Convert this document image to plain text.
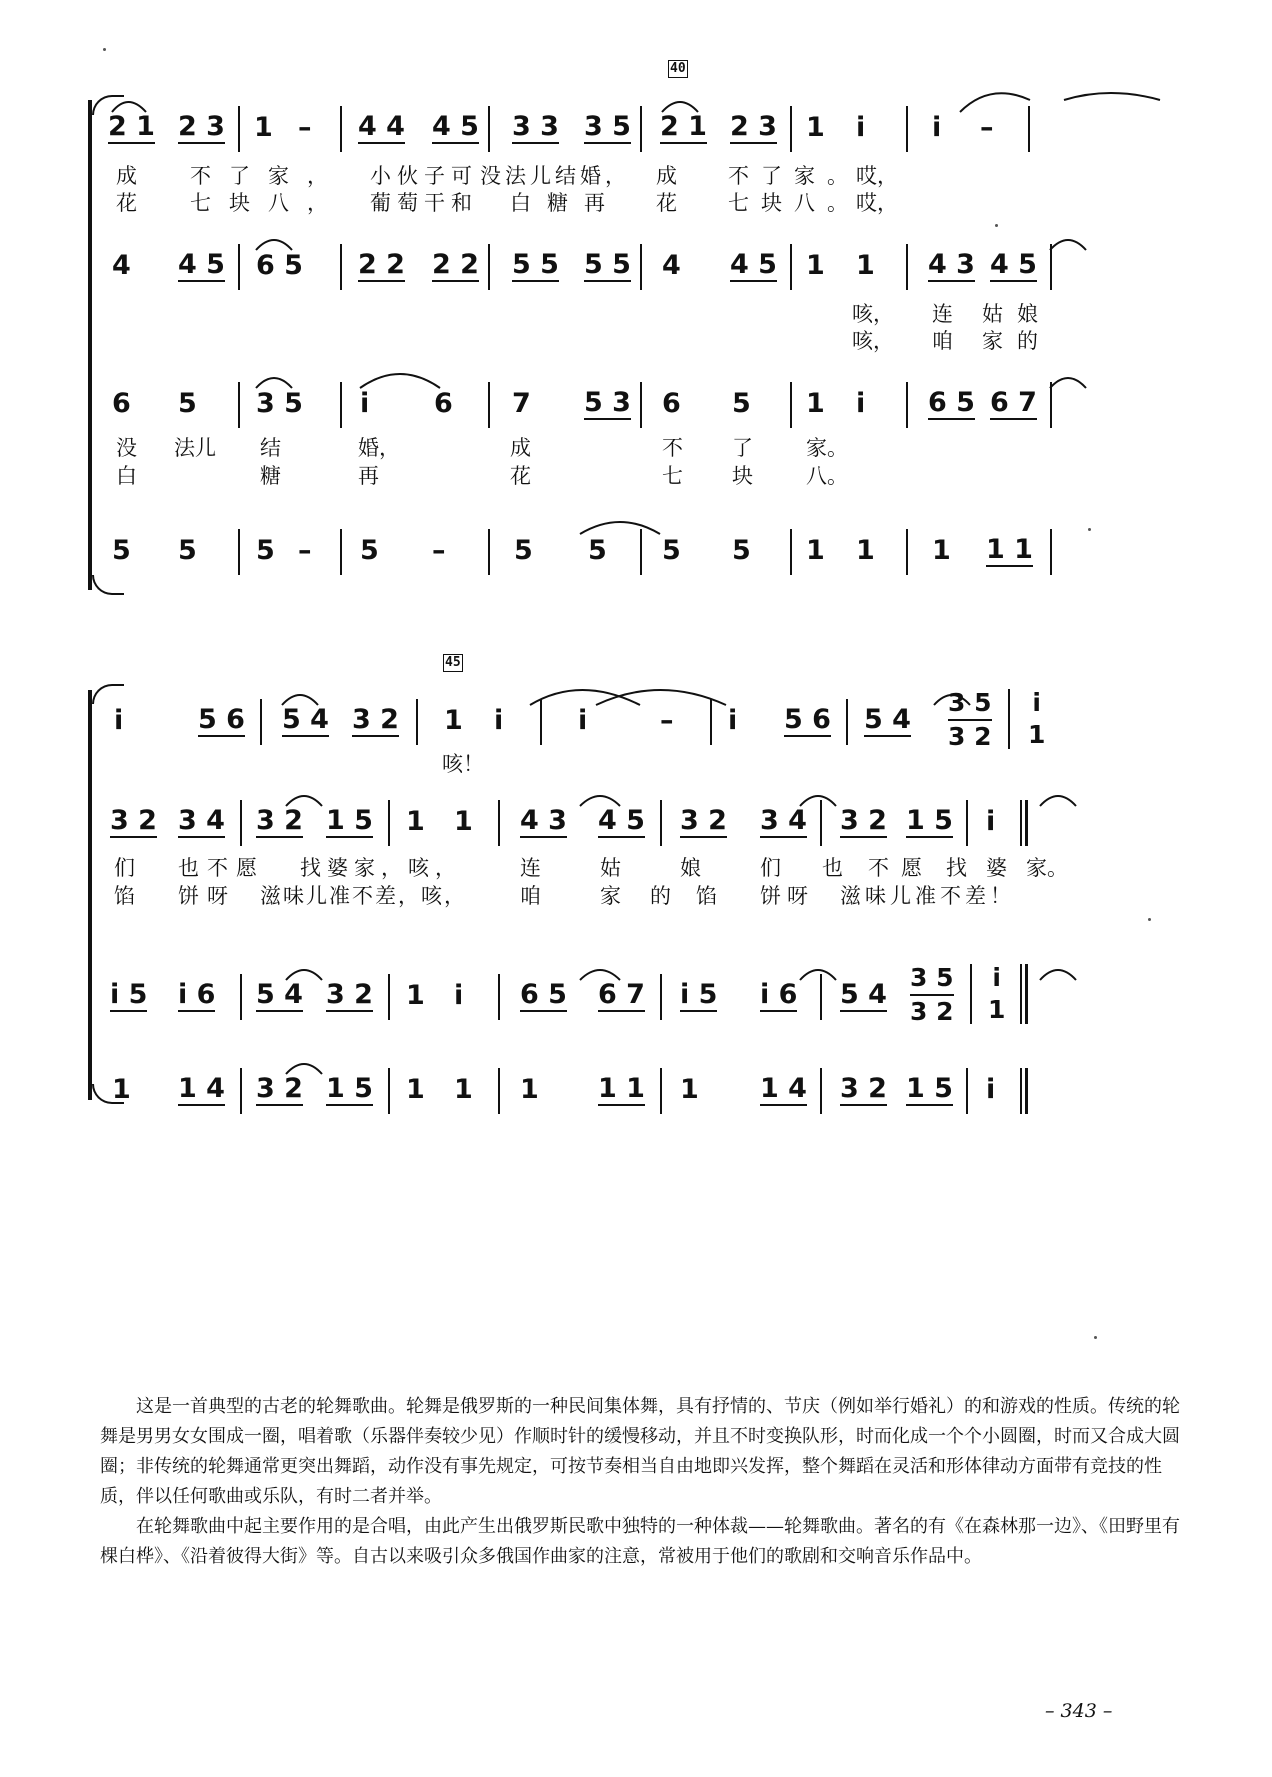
40
2 1 2 3 1 – 4 4 4 5 3 3 3 5 2 1 2 3 1 i i –
成	不了家， 小伙子可 没法儿结婚， 成 不了家。
哎，
花	七块八， 葡萄干和 白糖再 花 七块八。
哎，
4 4 5 6 5 2 2 2 2 5 5 5 5 4 4 5 1 1 4 3 4 5
咳， 连 姑娘
咳， 咱 家的
6 5 3 5 i 6 7 5 3 6 5 1 i 6 5 6 7
没 法儿 结	婚，	成	不 了	家。
白	糖	再	花	七 块	八。
5 5 5 – 5 –	5 5 5 5 1 1 1 1 1
45
i	5 6 5 4 3 2 1 i	i	– i 5 6 5 4
3 5
3 2
i
1
咳！
3 2 3 4 3 2 1 5 1 1 4 3 4 5 3 2 3 4 3 2 1 5 i
们 也不愿 找婆家，咳，	连	姑	娘	们 也 不愿 找 婆 家。
馅 饼呀 滋味儿准不差，咳，	咱	家 的 馅 饼呀 滋味儿准不差！
i 5 i 6 5 4 3 2 1 i 6 5 6 7 i 5 i 6 5 4
3 5
3 2
i
1
1 1 4 3 2 1 5 1 1 1 1 1 1 1 4 3 2 1 5 i

这是一首典型的古老的轮舞歌曲。轮舞是俄罗斯的一种民间集体舞，具有抒情的、节庆（例如举行婚礼）的和游戏的性质。传统的轮舞是男男女女围成一圈，唱着歌（乐器伴奏较少见）作顺时针的缓慢移动，并且不时变换队形，时而化成一个个小圆圈，时而又合成大圆圈；非传统的轮舞通常更突出舞蹈，动作没有事先规定，可按节奏相当自由地即兴发挥，整个舞蹈在灵活和形体律动方面带有竞技的性质，伴以任何歌曲或乐队，有时二者并举。

在轮舞歌曲中起主要作用的是合唱，由此产生出俄罗斯民歌中独特的一种体裁——轮舞歌曲。著名的有《在森林那一边》、《田野里有棵白桦》、《沿着彼得大街》等。自古以来吸引众多俄国作曲家的注意，常被用于他们的歌剧和交响音乐作品中。

– 343 –
